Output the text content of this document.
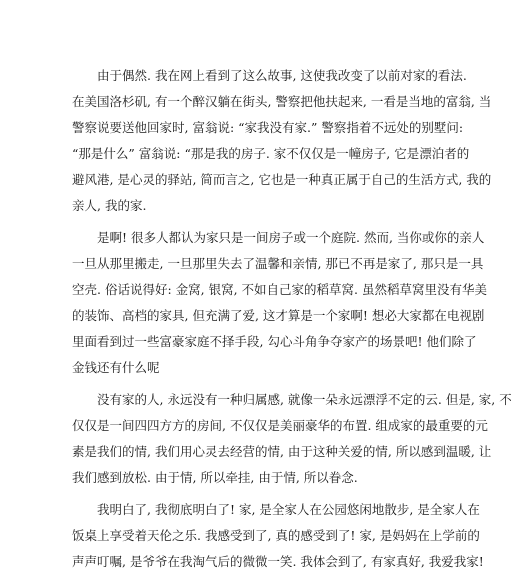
由于偶然. 我在网上看到了这么故事, 这使我改变了以前对家的看法.
在美国洛杉矶, 有一个醉汉躺在街头, 警察把他扶起来, 一看是当地的富翁, 当
警察说要送他回家时, 富翁说: “家我没有家.” 警察指着不远处的别墅问:
“那是什么” 富翁说: “那是我的房子. 家不仅仅是一幢房子, 它是漂泊者的
避风港, 是心灵的驿站, 简而言之, 它也是一种真正属于自己的生活方式, 我的
亲人, 我的家.
是啊! 很多人都认为家只是一间房子或一个庭院. 然而, 当你或你的亲人
一旦从那里搬走, 一旦那里失去了温馨和亲情, 那已不再是家了, 那只是一具
空壳. 俗话说得好: 金窝, 银窝, 不如自己家的稻草窝. 虽然稻草窝里没有华美
的装饰、高档的家具, 但充满了爱, 这才算是一个家啊! 想必大家都在电视剧
里面看到过一些富豪家庭不择手段, 勾心斗角争夺家产的场景吧! 他们除了
金钱还有什么呢
没有家的人, 永远没有一种归属感, 就像一朵永远漂浮不定的云. 但是, 家, 不
仅仅是一间四四方方的房间, 不仅仅是美丽豪华的布置. 组成家的最重要的元
素是我们的情, 我们用心灵去经营的情, 由于这种关爱的情, 所以感到温暖, 让
我们感到放松. 由于情, 所以牵挂, 由于情, 所以眷念.
我明白了, 我彻底明白了! 家, 是全家人在公园悠闲地散步, 是全家人在
饭桌上享受着天伦之乐. 我感受到了, 真的感受到了! 家, 是妈妈在上学前的
声声叮嘱, 是爷爷在我淘气后的微微一笑. 我体会到了, 有家真好, 我爱我家!
